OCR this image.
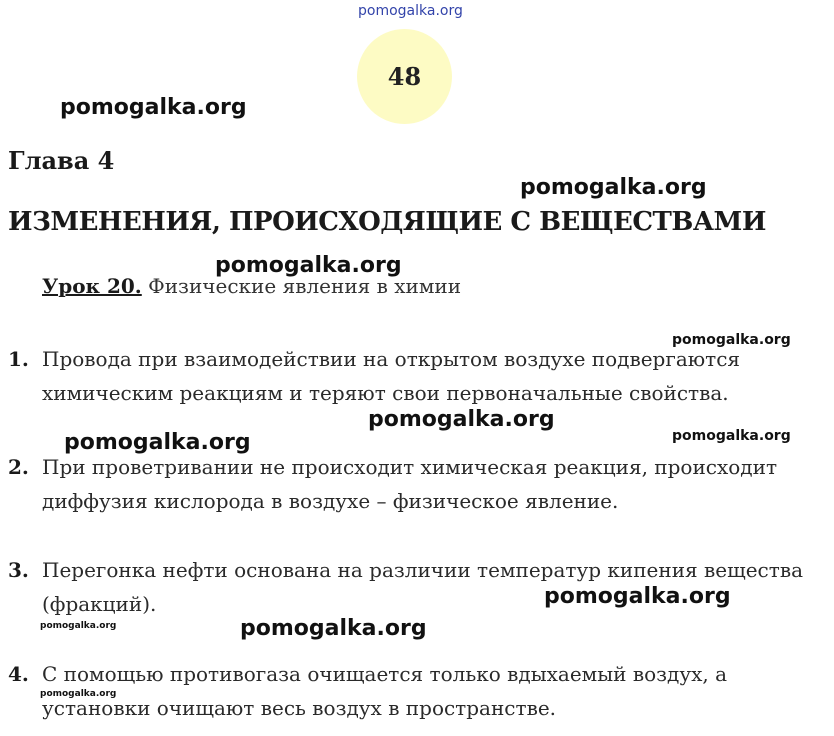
pomogalka.org
pomogalka.org
pomogalka.org
pomogalka.org
pomogalka.org
pomogalka.org
pomogalka.org	pomogalka.org
pomogalka.org
pomogalka.org	pomogalka.org
pomogalka.org
48
Глава 4
ИЗМЕНЕНИЯ, ПРОИСХОДЯЩИЕ С ВЕЩЕСТВАМИ
Урок 20. Физические явления в химии
1. Провода при взаимодействии на открытом воздухе подвергаются химическим реакциям и теряют свои первоначальные свойства.
2. При проветривании не происходит химическая реакция, происходит диффузия кислорода в воздухе – физическое явление.
3. Перегонка нефти основана на различии температур кипения вещества (фракций).
4. С помощью противогаза очищается только вдыхаемый воздух, а установки очищают весь воздух в пространстве.
